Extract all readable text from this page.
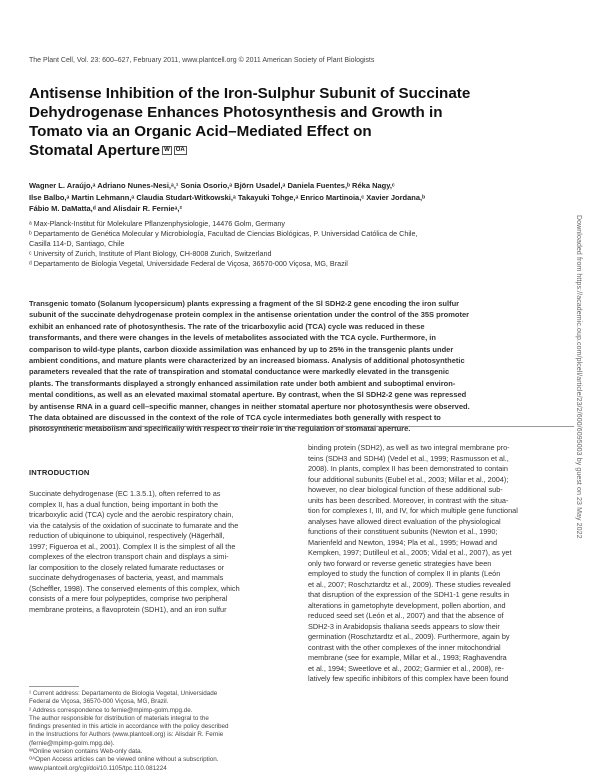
The Plant Cell, Vol. 23: 600–627, February 2011, www.plantcell.org © 2011 American Society of Plant Biologists
Antisense Inhibition of the Iron-Sulphur Subunit of Succinate
Dehydrogenase Enhances Photosynthesis and Growth in
Tomato via an Organic Acid–Mediated Effect on
Stomatal Aperture W OA
Wagner L. Araújo,ᵃ Adriano Nunes-Nesi,ᵃ,¹ Sonia Osorio,ᵃ Björn Usadel,ᵃ Daniela Fuentes,ᵇ Réka Nagy,ᶜ
Ilse Balbo,ᵃ Martin Lehmann,ᵃ Claudia Studart-Witkowski,ᵃ Takayuki Tohge,ᵃ Enrico Martinoia,ᶜ Xavier Jordana,ᵇ
Fábio M. DaMatta,ᵈ and Alisdair R. Fernieᵃ,²
ᵃ Max-Planck-Institut für Molekulare Pflanzenphysiologie, 14476 Golm, Germany
ᵇ Departamento de Genética Molecular y Microbiología, Facultad de Ciencias Biológicas, P. Universidad Católica de Chile,
Casilla 114-D, Santiago, Chile
ᶜ University of Zurich, Institute of Plant Biology, CH-8008 Zurich, Switzerland
ᵈ Departamento de Biologia Vegetal, Universidade Federal de Viçosa, 36570-000 Viçosa, MG, Brazil
Transgenic tomato (Solanum lycopersicum) plants expressing a fragment of the Sl SDH2-2 gene encoding the iron sulfur
subunit of the succinate dehydrogenase protein complex in the antisense orientation under the control of the 35S promoter
exhibit an enhanced rate of photosynthesis. The rate of the tricarboxylic acid (TCA) cycle was reduced in these
transformants, and there were changes in the levels of metabolites associated with the TCA cycle. Furthermore, in
comparison to wild-type plants, carbon dioxide assimilation was enhanced by up to 25% in the transgenic plants under
ambient conditions, and mature plants were characterized by an increased biomass. Analysis of additional photosynthetic
parameters revealed that the rate of transpiration and stomatal conductance were markedly elevated in the transgenic
plants. The transformants displayed a strongly enhanced assimilation rate under both ambient and suboptimal environ-
mental conditions, as well as an elevated maximal stomatal aperture. By contrast, when the Sl SDH2-2 gene was repressed
by antisense RNA in a guard cell–specific manner, changes in neither stomatal aperture nor photosynthesis were observed.
The data obtained are discussed in the context of the role of TCA cycle intermediates both generally with respect to
photosynthetic metabolism and specifically with respect to their role in the regulation of stomatal aperture.
INTRODUCTION
Succinate dehydrogenase (EC 1.3.5.1), often referred to as
complex II, has a dual function, being important in both the
tricarboxylic acid (TCA) cycle and the aerobic respiratory chain,
via the catalysis of the oxidation of succinate to fumarate and the
reduction of ubiquinone to ubiquinol, respectively (Hägerhäll,
1997; Figueroa et al., 2001). Complex II is the simplest of all the
complexes of the electron transport chain and displays a simi-
lar composition to the closely related fumarate reductases or
succinate dehydrogenases of bacteria, yeast, and mammals
(Scheffler, 1998). The conserved elements of this complex, which
consists of a mere four polypeptides, comprise two peripheral
membrane proteins, a flavoprotein (SDH1), and an iron sulfur
binding protein (SDH2), as well as two integral membrane pro-
teins (SDH3 and SDH4) (Vedel et al., 1999; Rasmusson et al.,
2008). In plants, complex II has been demonstrated to contain
four additional subunits (Eubel et al., 2003; Millar et al., 2004);
however, no clear biological function of these additional sub-
units has been described. Moreover, in contrast with the situa-
tion for complexes I, III, and IV, for which multiple gene functional
analyses have allowed direct evaluation of the physiological
functions of their constituent subunits (Newton et al., 1990;
Marienfeld and Newton, 1994; Pla et al., 1995; Howad and
Kempken, 1997; Dutilleul et al., 2005; Vidal et al., 2007), as yet
only two forward or reverse genetic strategies have been
employed to study the function of complex II in plants (León
et al., 2007; Roschztardtz et al., 2009). These studies revealed
that disruption of the expression of the SDH1-1 gene results in
alterations in gametophyte development, pollen abortion, and
reduced seed set (León et al., 2007) and that the absence of
SDH2-3 in Arabidopsis thaliana seeds appears to slow their
germination (Roschztardtz et al., 2009). Furthermore, again by
contrast with the other complexes of the inner mitochondrial
membrane (see for example, Millar et al., 1993; Raghavendra
et al., 1994; Sweetlove et al., 2002; Garmier et al., 2008), re-
latively few specific inhibitors of this complex have been found
¹ Current address: Departamento de Biologia Vegetal, Universidade
Federal de Viçosa, 36570-000 Viçosa, MG, Brazil.
² Address correspondence to fernie@mpimp-golm.mpg.de.
The author responsible for distribution of materials integral to the
findings presented in this article in accordance with the policy described
in the Instructions for Authors (www.plantcell.org) is: Alisdair R. Fernie
(fernie@mpimp-golm.mpg.de).
ᵂOnline version contains Web-only data.
ᴼᴬOpen Access articles can be viewed online without a subscription.
www.plantcell.org/cgi/doi/10.1105/tpc.110.081224
Downloaded from https://academic.oup.com/plcell/article/23/2/600/6095003 by guest on 23 May 2022
